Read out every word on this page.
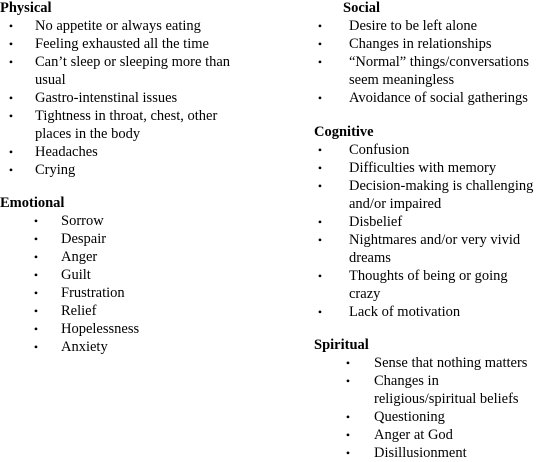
Physical
• No appetite or always eating
• Feeling exhausted all the time
• Can’t sleep or sleeping more than usual
• Gastro-intenstinal issues
• Tightness in throat, chest, other places in the body
• Headaches
• Crying
Emotional
• Sorrow
• Despair
• Anger
• Guilt
• Frustration
• Relief
• Hopelessness
• Anxiety
Social
• Desire to be left alone
• Changes in relationships
• “Normal” things/conversations seem meaningless
• Avoidance of social gatherings
Cognitive
• Confusion
• Difficulties with memory
• Decision-making is challenging and/or impaired
• Disbelief
• Nightmares and/or very vivid dreams
• Thoughts of being or going crazy
• Lack of motivation
Spiritual
• Sense that nothing matters
• Changes in religious/spiritual beliefs
• Questioning
• Anger at God
• Disillusionment
